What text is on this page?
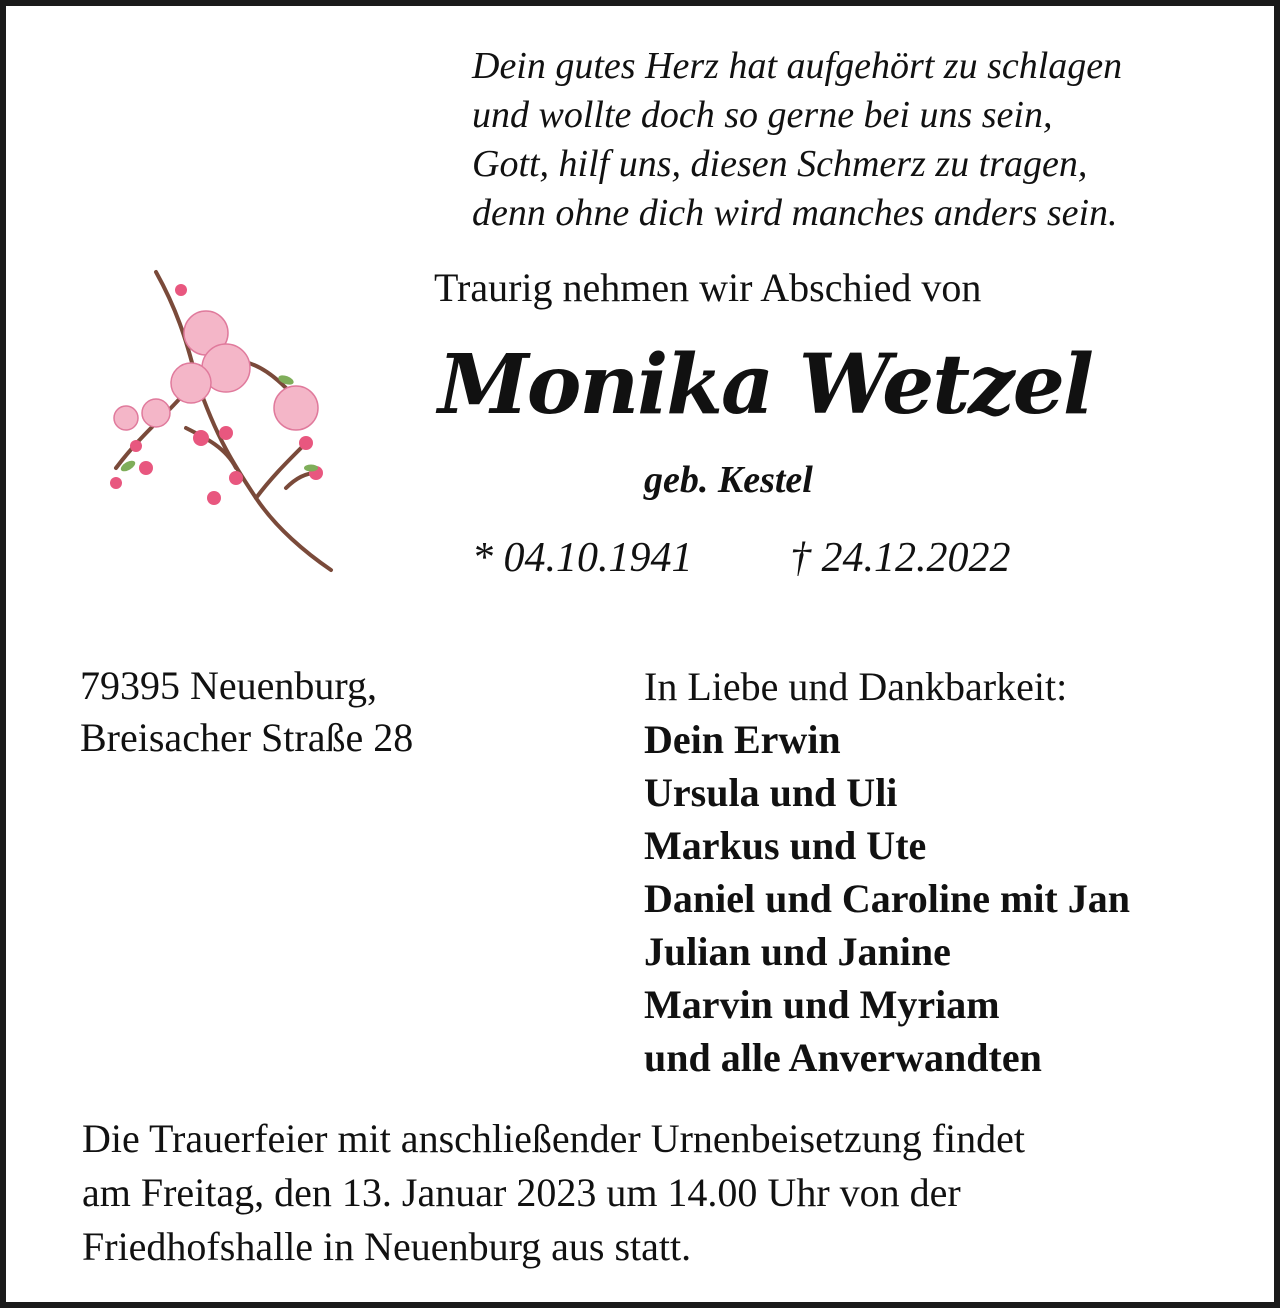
Dein gutes Herz hat aufgehört zu schlagen
und wollte doch so gerne bei uns sein,
Gott, hilf uns, diesen Schmerz zu tragen,
denn ohne dich wird manches anders sein.
Traurig nehmen wir Abschied von
Monika Wetzel
geb. Kestel
* 04.10.1941 † 24.12.2022
79395 Neuenburg,
Breisacher Straße 28
In Liebe und Dankbarkeit:
Dein Erwin
Ursula und Uli
Markus und Ute
Daniel und Caroline mit Jan
Julian und Janine
Marvin und Myriam
und alle Anverwandten
Die Trauerfeier mit anschließender Urnenbeisetzung findet
am Freitag, den 13. Januar 2023 um 14.00 Uhr von der
Friedhofshalle in Neuenburg aus statt.
